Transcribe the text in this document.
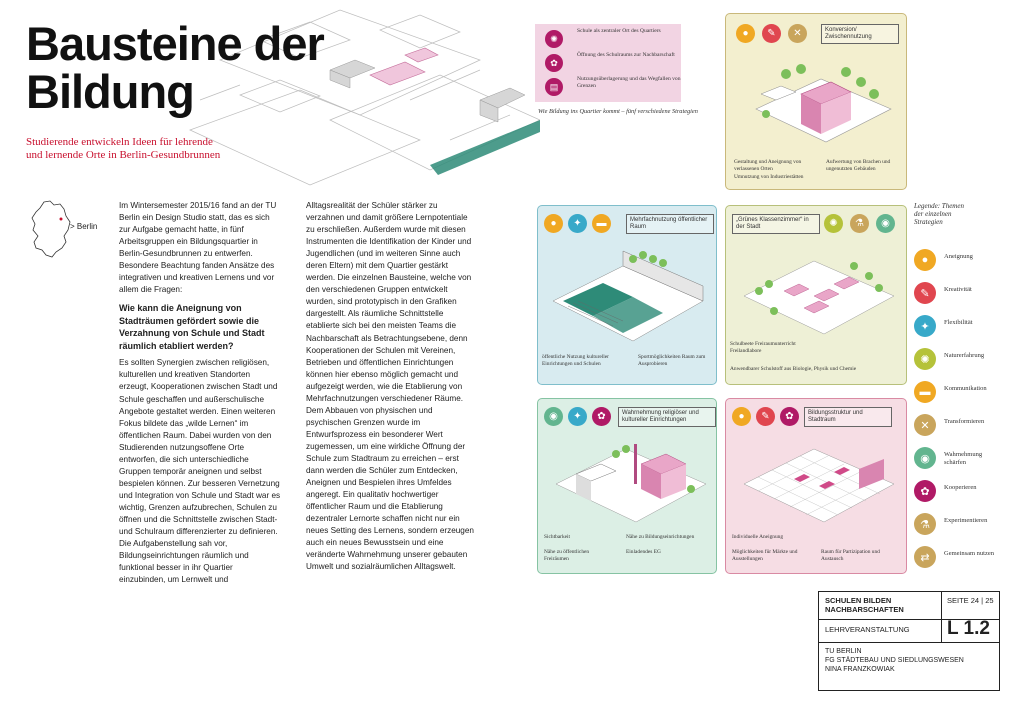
Bausteine der Bildung
Studierende entwickeln Ideen für lehrende und lernende Orte in Berlin-Gesundbrunnen
> Berlin

Im Wintersemester 2015/16 fand an der TU Berlin ein Design Studio statt, das es sich zur Aufgabe gemacht hatte, in fünf Arbeitsgruppen ein Bildungsquartier in Berlin-Gesundbrunnen zu entwerfen. Besondere Beachtung fanden Ansätze des integrativen und kreativen Lernens und vor allem die Fragen:

Wie kann die Aneignung von Stadträumen gefördert sowie die Verzahnung von Schule und Stadt räumlich etabliert werden?

Es sollten Synergien zwischen religiösen, kulturellen und kreativen Standorten erzeugt, Kooperationen zwischen Stadt und Schule geschaffen und außerschulische Angebote gestaltet werden. Einen weiteren Fokus bildete das „wilde Lernen“ im öffentlichen Raum. Dabei wurden von den Studierenden nutzungsoffene Orte entworfen, die sich unterschiedliche Gruppen temporär aneignen und selbst bespielen können. Zur besseren Vernetzung und Integration von Schule und Stadt war es wichtig, Grenzen aufzubrechen, Schulen zu öffnen und die Schnittstelle zwischen Stadt- und Schulraum differenzierter zu definieren.

Die Aufgabenstellung sah vor, Bildungseinrichtungen räumlich und funktional besser in ihr Quartier einzubinden, um Lernwelt und

Alltagsrealität der Schüler stärker zu verzahnen und damit größere Lernpotentiale zu erschließen. Außerdem wurde mit diesen Instrumenten die Identifikation der Kinder und Jugendlichen (und im weiteren Sinne auch deren Eltern) mit dem Quartier gestärkt werden. Die einzelnen Bausteine, welche von den verschiedenen Gruppen entwickelt wurden, sind prototypisch in den Grafiken dargestellt. Als räumliche Schnittstelle etablierte sich bei den meisten Teams die Nachbarschaft als Betrachtungsebene, denn Kooperationen der Schulen mit Vereinen, Betrieben und öffentlichen Einrichtungen können hier ebenso möglich gemacht und aufgezeigt werden, wie die Etablierung von Mehrfachnutzungen verschiedener Räume. Dem Abbauen von physischen und psychischen Grenzen wurde im Entwurfsprozess ein besonderer Wert zugemessen, um eine wirkliche Öffnung der Schule zum Stadtraum zu erreichen – erst dann werden die Schüler zum Entdecken, Aneignen und Bespielen ihres Umfeldes angeregt. Ein qualitativ hochwertiger öffentlicher Raum und die Etablierung dezentraler Lernorte schaffen nicht nur ein neues Setting des Lernens, sondern erzeugen auch ein neues Bewusstsein und eine veränderte Wahrnehmung unserer gebauten Umwelt und sozialräumlichen Alltagswelt.

✺
Schule als zentraler Ort des Quartiers
✿
Öffnung des Schulraums zur Nachbarschaft
▤
Nutzungsüberlagerung und das Wegfallen von Grenzen
Wie Bildung ins Quartier kommt – fünf verschiedene Strategien
Konversion/ Zwischennutzung
●	✎	✕
Gestaltung und Aneignung von verlassenen Orten
Aufwertung von Brachen und ungenutzten Gebäuden
Umnutzung von Industriestätten
Mehrfachnutzung öffentlicher Raum
●	✦	▬
öffentliche Nutzung kultureller Einrichtungen und Schulen
Sportmöglichkeiten Raum zum Ausprobieren
„Grünes Klassenzimmer“ in der Stadt	✺	⚗	◉
Schulbeete Freiraumunterricht Freilandlabore
Anwendbarer Schulstoff aus Biologie, Physik und Chemie
Wahrnehmung religiöser und kultureller Einrichtungen
◉	✦	✿
Sichtbarkeit	Nähe zu Bildungseinrichtungen
Nähe zu öffentlichen Freiräumen
Einladendes EG
Bildungsstruktur und Stadtraum
●	✎	✿
Individuelle Aneignung
Möglichkeiten für Märkte und Ausstellungen
Raum für Partizipation und Austausch
Legende: Themen der einzelnen Strategien
●	Aneignung
✎	Kreativität
✦	Flexibilität
✺	Naturerfahrung
▬	Kommunikation
✕	Transformieren
◉	Wahrnehmung schärfen
✿	Kooperieren
⚗	Experimentieren
⇄	Gemeinsam nutzen
SCHULEN BILDEN NACHBARSCHAFTEN
SEITE 24 | 25
LEHRVERANSTALTUNG	L 1.2
TU BERLIN
FG STÄDTEBAU UND SIEDLUNGSWESEN
NINA FRANZKOWIAK
